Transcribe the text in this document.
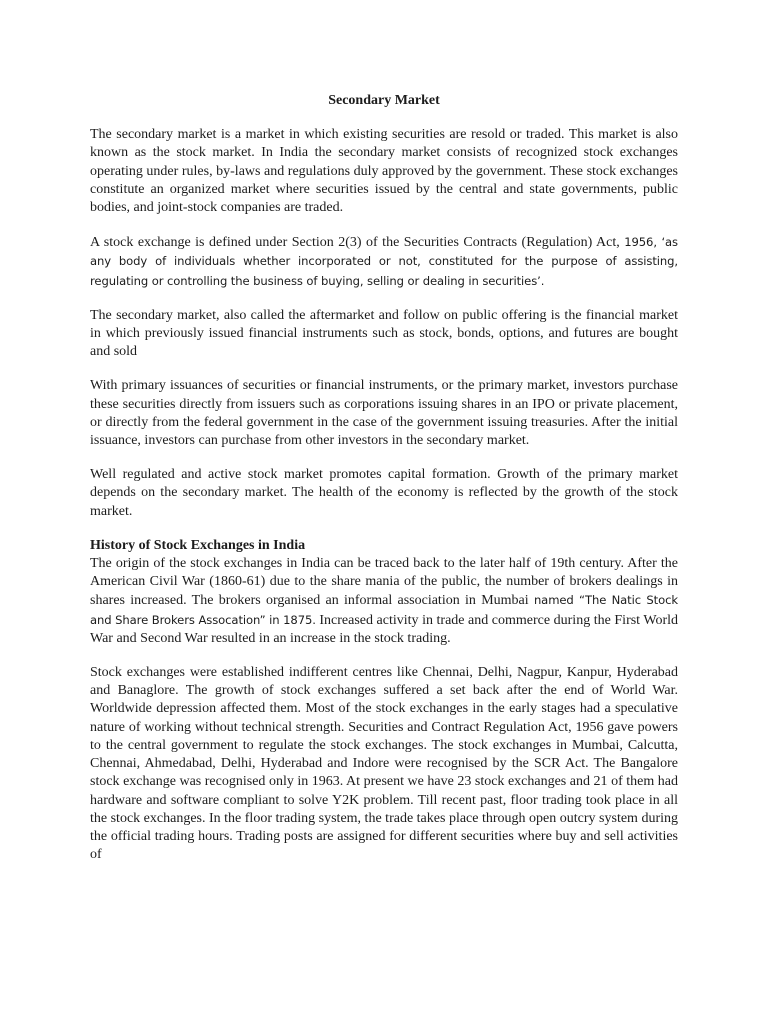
Secondary Market

The secondary market is a market in which existing securities are resold or traded. This market is also known as the stock market. In India the secondary market consists of recognized stock exchanges operating under rules, by-laws and regulations duly approved by the government. These stock exchanges constitute an organized market where securities issued by the central and state governments, public bodies, and joint-stock companies are traded.

A stock exchange is defined under Section 2(3) of the Securities Contracts (Regulation) Act, 1956, ‘as any body of individuals whether incorporated or not, constituted for the purpose of assisting, regulating or controlling the business of buying, selling or dealing in securities’.

The secondary market, also called the aftermarket and follow on public offering is the financial market in which previously issued financial instruments such as stock, bonds, options, and futures are bought and sold

With primary issuances of securities or financial instruments, or the primary market, investors purchase these securities directly from issuers such as corporations issuing shares in an IPO or private placement, or directly from the federal government in the case of the government issuing treasuries. After the initial issuance, investors can purchase from other investors in the secondary market.

Well regulated and active stock market promotes capital formation. Growth of the primary market depends on the secondary market. The health of the economy is reflected by the growth of the stock market.

History of Stock Exchanges in India

The origin of the stock exchanges in India can be traced back to the later half of 19th century. After the American Civil War (1860-61) due to the share mania of the public, the number of brokers dealings in shares increased. The brokers organised an informal association in Mumbai named “The Natic Stock and Share Brokers Assocation” in 1875. Increased activity in trade and commerce during the First World War and Second War resulted in an increase in the stock trading.

Stock exchanges were established indifferent centres like Chennai, Delhi, Nagpur, Kanpur, Hyderabad and Banaglore. The growth of stock exchanges suffered a set back after the end of World War. Worldwide depression affected them. Most of the stock exchanges in the early stages had a speculative nature of working without technical strength. Securities and Contract Regulation Act, 1956 gave powers to the central government to regulate the stock exchanges. The stock exchanges in Mumbai, Calcutta, Chennai, Ahmedabad, Delhi, Hyderabad and Indore were recognised by the SCR Act. The Bangalore stock exchange was recognised only in 1963. At present we have 23 stock exchanges and 21 of them had hardware and software compliant to solve Y2K problem. Till recent past, floor trading took place in all the stock exchanges. In the floor trading system, the trade takes place through open outcry system during the official trading hours. Trading posts are assigned for different securities where buy and sell activities of
